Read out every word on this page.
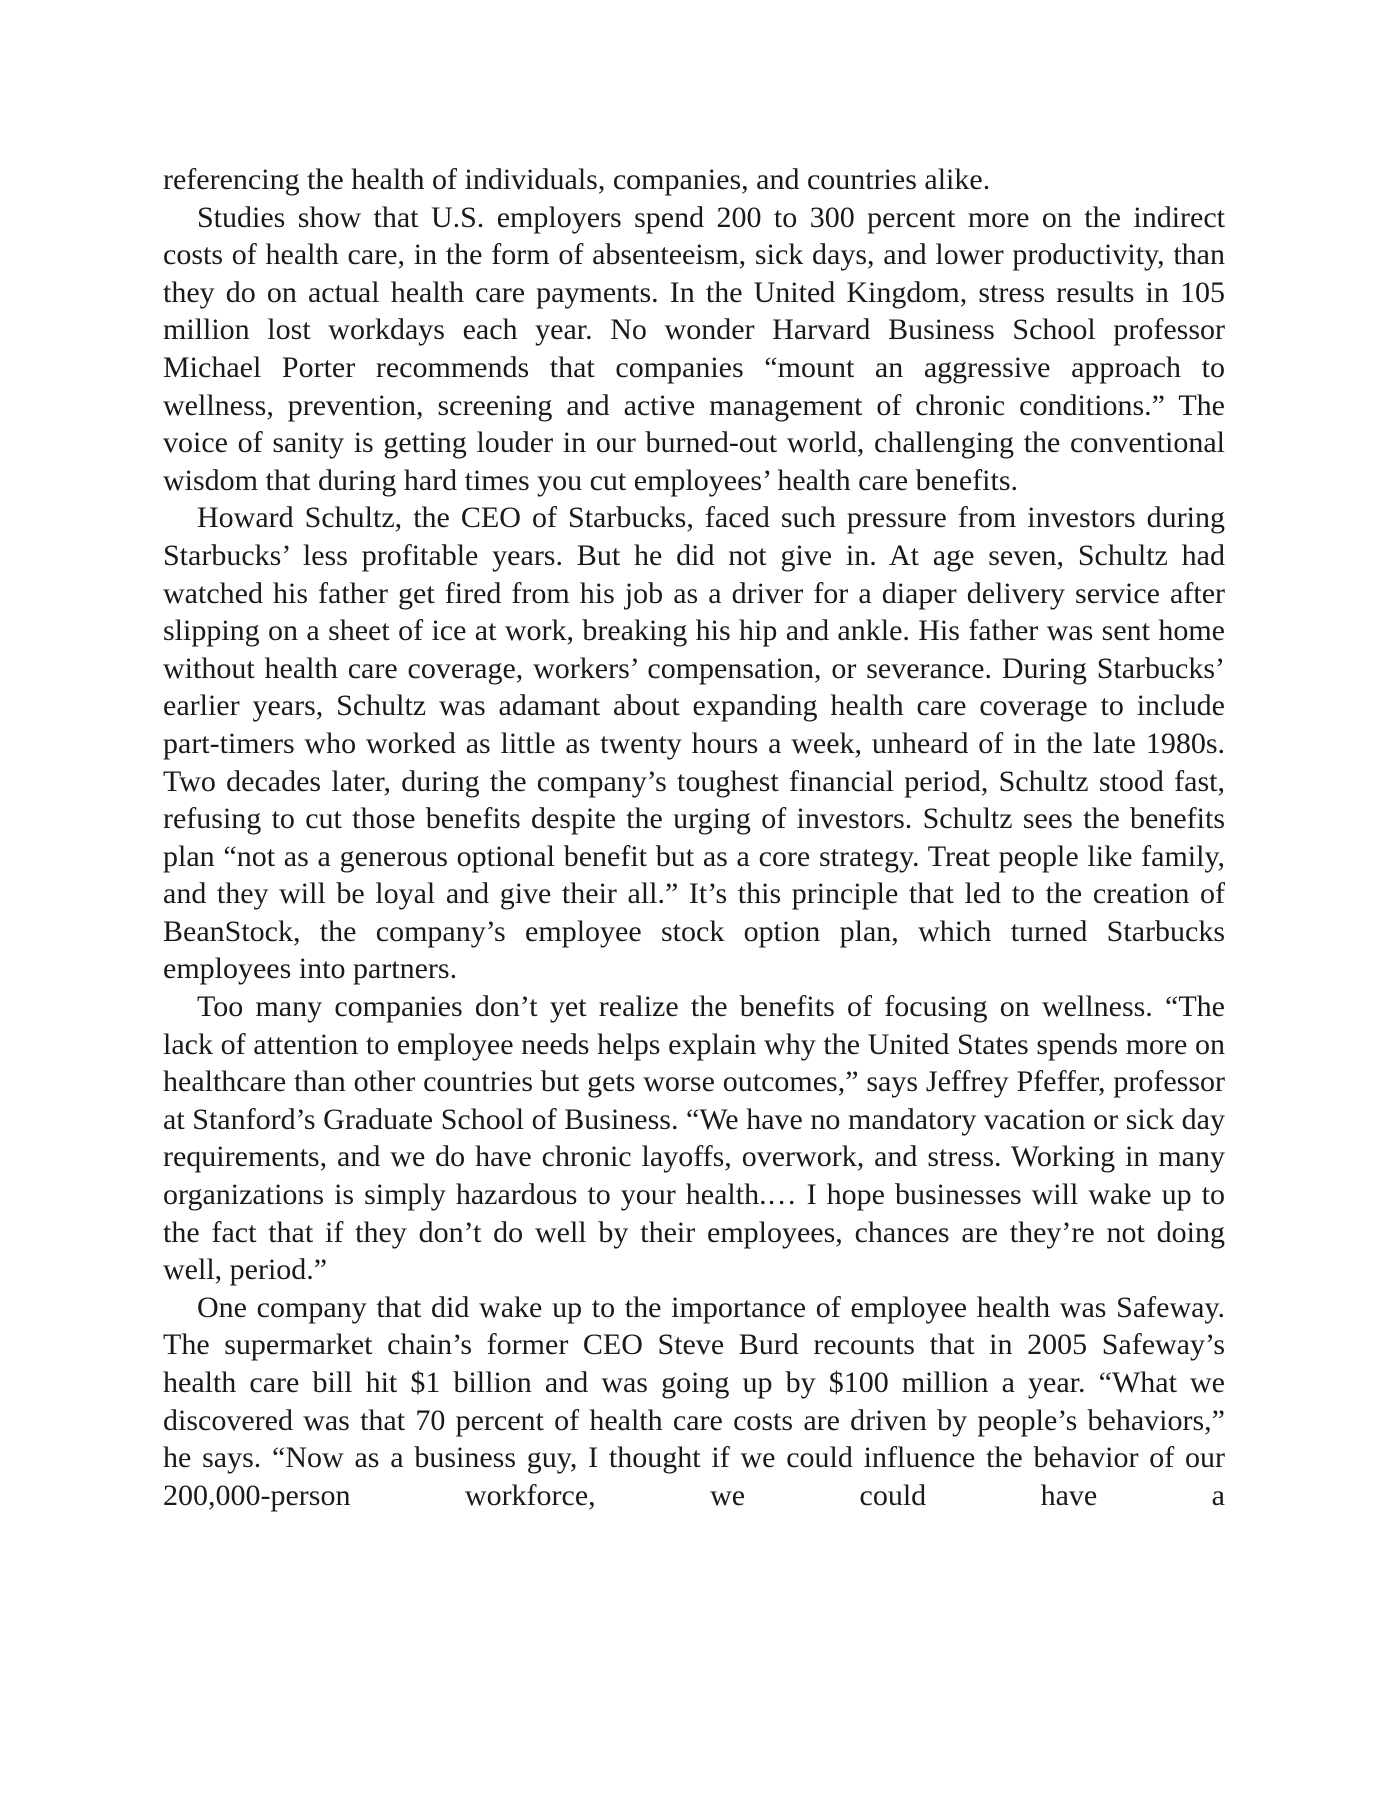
referencing the health of individuals, companies, and countries alike.

Studies show that U.S. employers spend 200 to 300 percent more on the indirect costs of health care, in the form of absenteeism, sick days, and lower productivity, than they do on actual health care payments. In the United Kingdom, stress results in 105 million lost workdays each year. No wonder Harvard Business School professor Michael Porter recommends that companies “mount an aggressive approach to wellness, prevention, screening and active management of chronic conditions.” The voice of sanity is getting louder in our burned-out world, challenging the conventional wisdom that during hard times you cut employees’ health care benefits.

Howard Schultz, the CEO of Starbucks, faced such pressure from investors during Starbucks’ less profitable years. But he did not give in. At age seven, Schultz had watched his father get fired from his job as a driver for a diaper delivery service after slipping on a sheet of ice at work, breaking his hip and ankle. His father was sent home without health care coverage, workers’ compensation, or severance. During Starbucks’ earlier years, Schultz was adamant about expanding health care coverage to include part-timers who worked as little as twenty hours a week, unheard of in the late 1980s. Two decades later, during the company’s toughest financial period, Schultz stood fast, refusing to cut those benefits despite the urging of investors. Schultz sees the benefits plan “not as a generous optional benefit but as a core strategy. Treat people like family, and they will be loyal and give their all.” It’s this principle that led to the creation of BeanStock, the company’s employee stock option plan, which turned Starbucks employees into partners.

Too many companies don’t yet realize the benefits of focusing on wellness. “The lack of attention to employee needs helps explain why the United States spends more on healthcare than other countries but gets worse outcomes,” says Jeffrey Pfeffer, professor at Stanford’s Graduate School of Business. “We have no mandatory vacation or sick day requirements, and we do have chronic layoffs, overwork, and stress. Working in many organizations is simply hazardous to your health.… I hope businesses will wake up to the fact that if they don’t do well by their employees, chances are they’re not doing well, period.”

One company that did wake up to the importance of employee health was Safeway. The supermarket chain’s former CEO Steve Burd recounts that in 2005 Safeway’s health care bill hit $1 billion and was going up by $100 million a year. “What we discovered was that 70 percent of health care costs are driven by people’s behaviors,” he says. “Now as a business guy, I thought if we could influence the behavior of our 200,000-person workforce, we could have a
